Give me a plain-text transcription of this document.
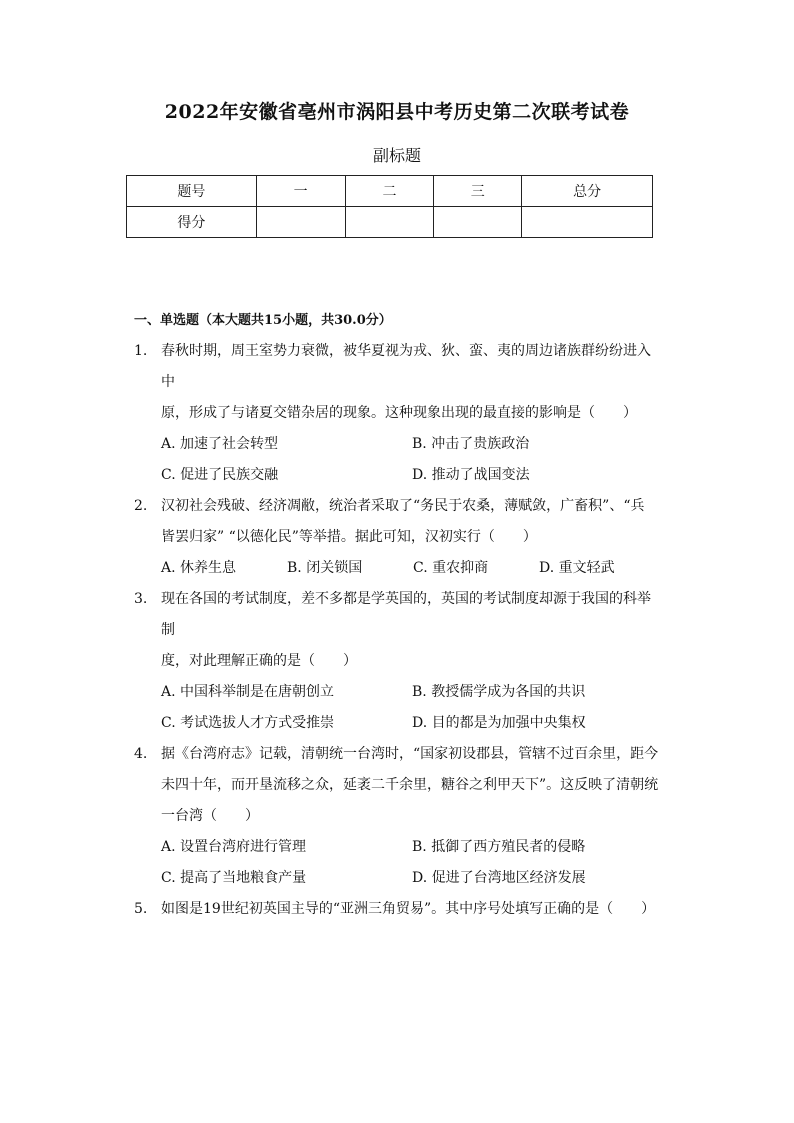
2022年安徽省亳州市涡阳县中考历史第二次联考试卷
副标题
题号	一	二	三	总分
得分				
一、单选题（本大题共15小题，共30.0分）
1. 春秋时期，周王室势力衰微，被华夏视为戎、狄、蛮、夷的周边诸族群纷纷进入中
原，形成了与诸夏交错杂居的现象。这种现象出现的最直接的影响是（　　）
A. 加速了社会转型	B. 冲击了贵族政治
C. 促进了民族交融	D. 推动了战国变法
2. 汉初社会残破、经济凋敝，统治者采取了“务民于农桑，薄赋敛，广畜积”、“兵
皆罢归家” “以德化民”等举措。据此可知，汉初实行（　　）
A. 休养生息	B. 闭关锁国	C. 重农抑商	D. 重文轻武
3. 现在各国的考试制度，差不多都是学英国的，英国的考试制度却源于我国的科举制
度，对此理解正确的是（　　）
A. 中国科举制是在唐朝创立	B. 教授儒学成为各国的共识
C. 考试选拔人才方式受推崇	D. 目的都是为加强中央集权
4. 据《台湾府志》记载，清朝统一台湾时，“国家初设郡县，管辖不过百余里，距今
未四十年，而开垦流移之众，延袤二千余里，糖谷之利甲天下”。这反映了清朝统
一台湾（　　）
A. 设置台湾府进行管理	B. 抵御了西方殖民者的侵略
C. 提高了当地粮食产量	D. 促进了台湾地区经济发展
5. 如图是19世纪初英国主导的“亚洲三角贸易”。其中序号处填写正确的是（　　）
